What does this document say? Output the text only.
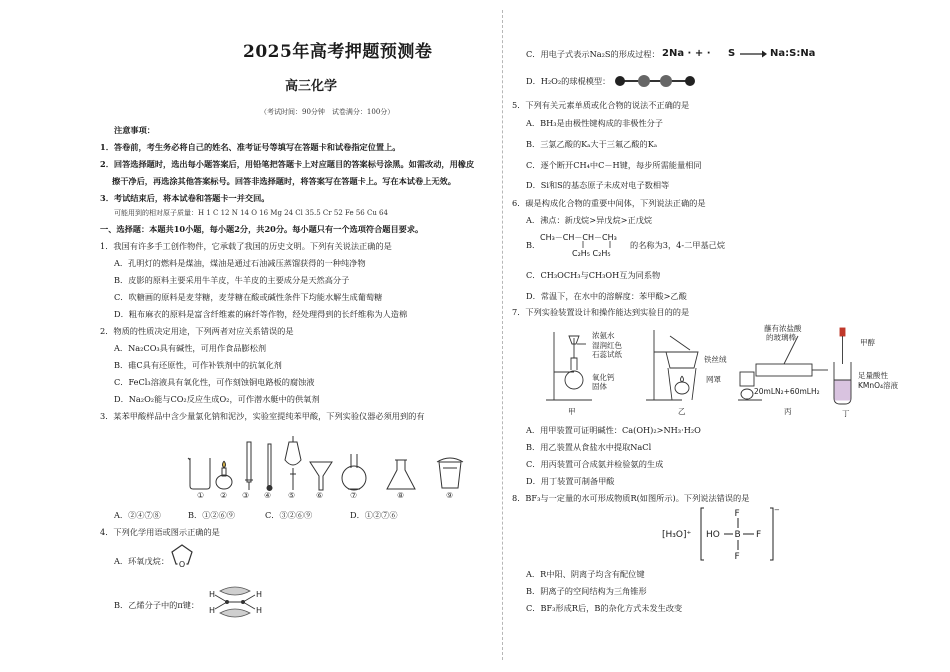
2025年高考押题预测卷
高三化学
（考试时间：90分钟　试卷满分：100分）
注意事项：
1．答卷前，考生务必将自己的姓名、准考证号等填写在答题卡和试卷指定位置上。
2．回答选择题时，选出每小题答案后，用铅笔把答题卡上对应题目的答案标号涂黑。如需改动，用橡皮
擦干净后，再选涂其他答案标号。回答非选择题时，将答案写在答题卡上。写在本试卷上无效。
3．考试结束后，将本试卷和答题卡一并交回。
可能用到的相对原子质量：H 1 C 12 N 14 O 16 Mg 24 Cl 35.5 Cr 52 Fe 56 Cu 64
一、选择题：本题共10小题，每小题2分，共20分。每小题只有一个选项符合题目要求。
1．我国有许多手工创作物件，它承载了我国的历史文明。下列有关说法正确的是
A．孔明灯的燃料是煤油，煤油是通过石油减压蒸馏获得的一种纯净物
B．皮影的原料主要采用牛羊皮，牛羊皮的主要成分是天然高分子
C．吹糖画的原料是麦芽糖，麦芽糖在酸或碱性条件下均能水解生成葡萄糖
D．粗布麻衣的原料是富含纤维素的麻纤等作物，经处理得到的长纤维称为人造棉
2．物质的性质决定用途，下列两者对应关系错误的是
A．Na₂CO₃具有碱性，可用作食品膨松剂
B．碓C具有还原性，可作补铁剂中的抗氧化剂
C．FeCl₃溶液具有氧化性，可作刻蚀铜电路板的腐蚀液
D．Na₂O₂能与CO₂反应生成O₂，可作潜水艇中的供氧剂
3．某苯甲酸样品中含少量氯化钠和泥沙，实验室提纯苯甲酸，下列实验仪器必须用到的有
① ② ③ ④ ⑤	⑥	⑦	⑧	⑨
A．②④⑦⑧	B．①②⑥⑨	C．③②⑥⑨	D．①②⑦⑥
4．下列化学用语或图示正确的是
A．环氧戊烷： O
B．乙烯分子中的π键：
H
H
H
H
C．用电子式表示Na₂S的形成过程： 2Na · + · S → Na:S:Na
D．H₂O₂的球棍模型：
5．下列有关元素单质或化合物的说法不正确的是
A．BH₃是由极性键构成的非极性分子
B．三氯乙酸的Kₐ大于三氟乙酸的Kₐ
C．逐个断开CH₄中C－H键，每步所需能量相同
D．Si和S的基态原子未成对电子数相等
6．碳是构成化合物的重要中间体，下列说法正确的是
A．沸点：新戊烷>异戊烷>正戊烷
B．
CH₃－CH－CH－CH₃
C₂H₅ C₂H₅
的名称为3，4-二甲基己烷
C．CH₃OCH₃与CH₃OH互为同系物
D．常温下，在水中的溶解度：苯甲酸>乙酸
7．下列实验装置设计和操作能达到实验目的的是
浓氨水
湿润红色
石蕊试纸
氧化钙
固体
甲	乙
蘸有浓盐酸
的玻璃棒
铁丝绒
网罩
20mLN₂+60mLH₂
丙
甲醇
足量酸性
KMnO₄溶液
丁
A．用甲装置可证明碱性：Ca(OH)₂>NH₃·H₂O
B．用乙装置从食盐水中提取NaCl
C．用丙装置可合成氨并检验氨的生成
D．用丁装置可制备甲酸
8．BF₃与一定量的水可形成物质R(如图所示)。下列说法错误的是
[H₃O]⁺
F
B
F
F
HO
−
A．R中阳、阴离子均含有配位键
B．阴离子的空间结构为三角锥形
C．BF₃形成R后，B的杂化方式未发生改变
